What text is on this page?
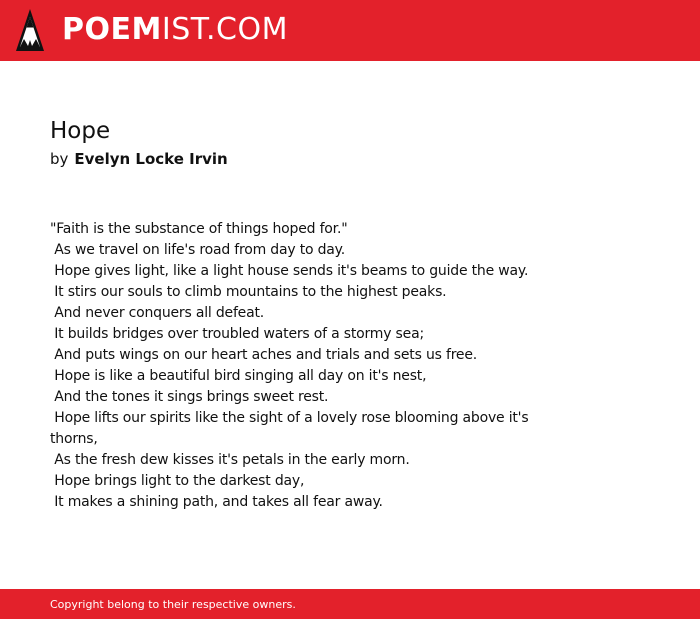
POEMIST.COM
Hope
by Evelyn Locke Irvin
"Faith is the substance of things hoped for."
As we travel on life's road from day to day.
Hope gives light, like a light house sends it's beams to guide the way.
It stirs our souls to climb mountains to the highest peaks.
And never conquers all defeat.
It builds bridges over troubled waters of a stormy sea;
And puts wings on our heart aches and trials and sets us free.
Hope is like a beautiful bird singing all day on it's nest,
And the tones it sings brings sweet rest.
Hope lifts our spirits like the sight of a lovely rose blooming above it's
thorns,
As the fresh dew kisses it's petals in the early morn.
Hope brings light to the darkest day,
It makes a shining path, and takes all fear away.
Copyright belong to their respective owners.
